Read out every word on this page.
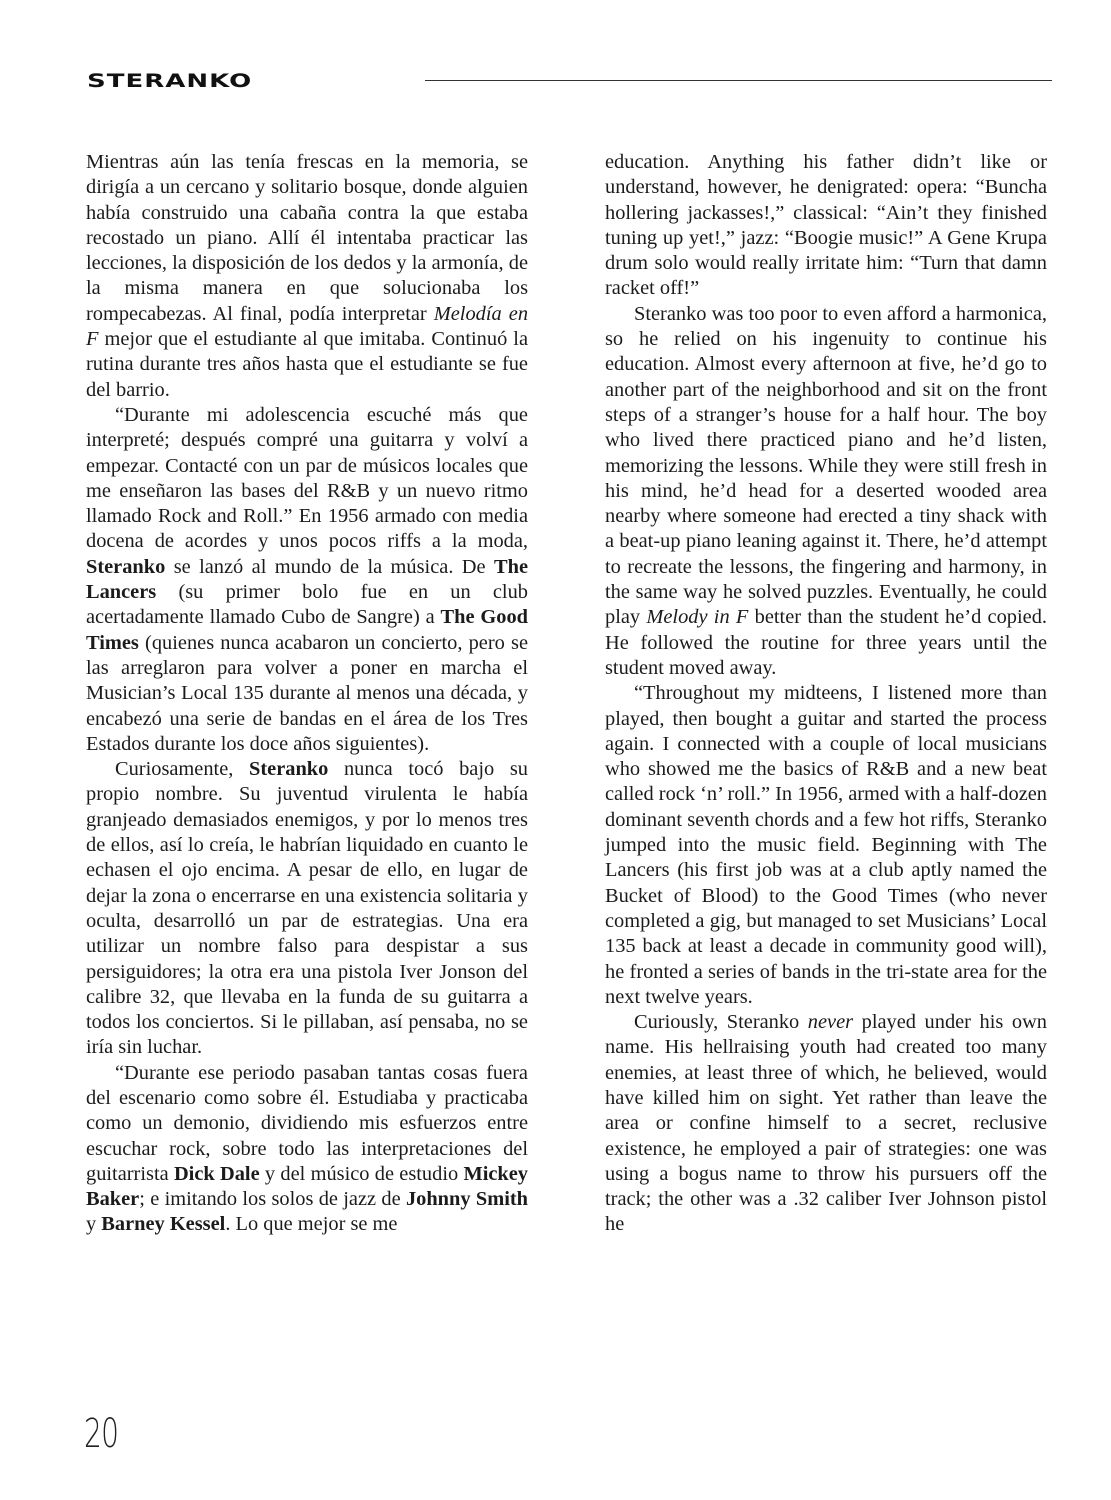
STERANKO

Mientras aún las tenía frescas en la memoria, se dirigía a un cercano y solitario bosque, donde alguien había construido una cabaña contra la que estaba recostado un piano. Allí él intentaba practicar las lecciones, la disposición de los dedos y la armonía, de la misma manera en que solucionaba los rompecabezas. Al final, podía interpretar Melodía en F mejor que el estudiante al que imitaba. Continuó la rutina durante tres años hasta que el estudiante se fue del barrio.

“Durante mi adolescencia escuché más que interpreté; después compré una guitarra y volví a empezar. Contacté con un par de músicos locales que me enseñaron las bases del R&B y un nuevo ritmo llamado Rock and Roll.” En 1956 armado con media docena de acordes y unos pocos riffs a la moda, Steranko se lanzó al mundo de la música. De The Lancers (su primer bolo fue en un club acertadamente llamado Cubo de Sangre) a The Good Times (quienes nunca acabaron un concierto, pero se las arreglaron para volver a poner en marcha el Musician’s Local 135 durante al menos una década, y encabezó una serie de bandas en el área de los Tres Estados durante los doce años siguientes).

Curiosamente, Steranko nunca tocó bajo su propio nombre. Su juventud virulenta le había granjeado demasiados enemigos, y por lo menos tres de ellos, así lo creía, le habrían liquidado en cuanto le echasen el ojo encima. A pesar de ello, en lugar de dejar la zona o encerrarse en una existencia solitaria y oculta, desarrolló un par de estrategias. Una era utilizar un nombre falso para despistar a sus persiguidores; la otra era una pistola Iver Jonson del calibre 32, que llevaba en la funda de su guitarra a todos los conciertos. Si le pillaban, así pensaba, no se iría sin luchar.

“Durante ese periodo pasaban tantas cosas fuera del escenario como sobre él. Estudiaba y practicaba como un demonio, dividiendo mis esfuerzos entre escuchar rock, sobre todo las interpretaciones del guitarrista Dick Dale y del músico de estudio Mickey Baker; e imitando los solos de jazz de Johnny Smith y Barney Kessel. Lo que mejor se me

education. Anything his father didn’t like or understand, however, he denigrated: opera: “Buncha hollering jackasses!,” classical: “Ain’t they finished tuning up yet!,” jazz: “Boogie music!” A Gene Krupa drum solo would really irritate him: “Turn that damn racket off!”

Steranko was too poor to even afford a harmonica, so he relied on his ingenuity to continue his education. Almost every afternoon at five, he’d go to another part of the neighborhood and sit on the front steps of a stranger’s house for a half hour. The boy who lived there practiced piano and he’d listen, memorizing the lessons. While they were still fresh in his mind, he’d head for a deserted wooded area nearby where someone had erected a tiny shack with a beat-up piano leaning against it. There, he’d attempt to recreate the lessons, the fingering and harmony, in the same way he solved puzzles. Eventually, he could play Melody in F better than the student he’d copied. He followed the routine for three years until the student moved away.

“Throughout my midteens, I listened more than played, then bought a guitar and started the process again. I connected with a couple of local musicians who showed me the basics of R&B and a new beat called rock ‘n’ roll.” In 1956, armed with a half-dozen dominant seventh chords and a few hot riffs, Steranko jumped into the music field. Beginning with The Lancers (his first job was at a club aptly named the Bucket of Blood) to the Good Times (who never completed a gig, but managed to set Musicians’ Local 135 back at least a decade in community good will), he fronted a series of bands in the tri-state area for the next twelve years.

Curiously, Steranko never played under his own name. His hellraising youth had created too many enemies, at least three of which, he believed, would have killed him on sight. Yet rather than leave the area or confine himself to a secret, reclusive existence, he employed a pair of strategies: one was using a bogus name to throw his pursuers off the track; the other was a .32 caliber Iver Johnson pistol he

20
